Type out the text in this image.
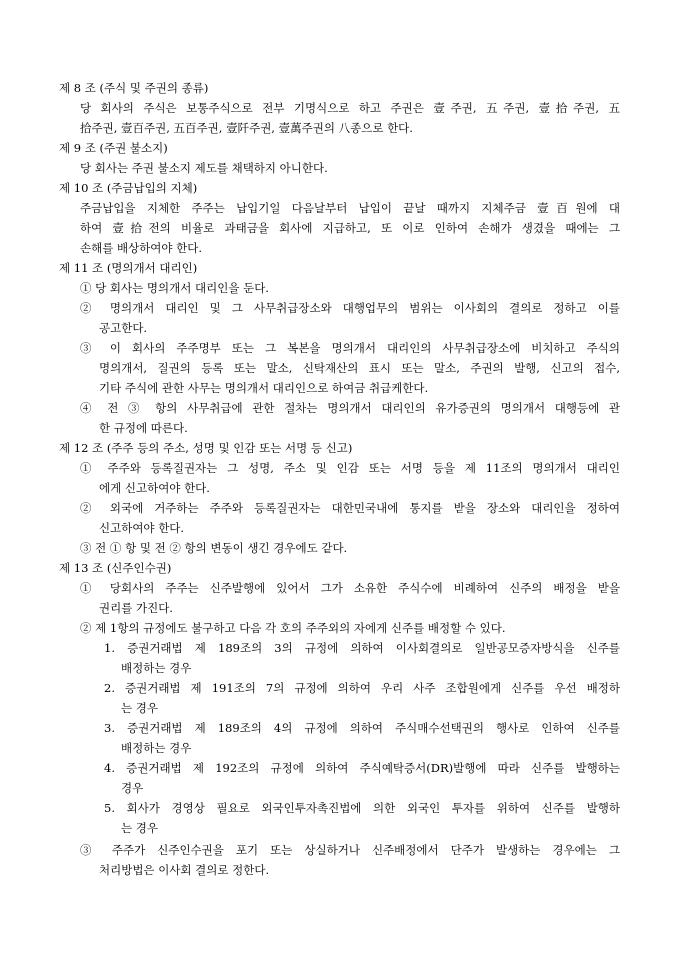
제 8 조 (주식 및 주권의 종류)
당 회사의 주식은 보통주식으로 전부 기명식으로 하고 주권은 壹주권, 五주권, 壹拾주권, 五
拾주권, 壹百주권, 五百주권, 壹阡주권, 壹萬주권의 八종으로 한다.
제 9 조 (주권 불소지)
당 회사는 주권 불소지 제도를 채택하지 아니한다.
제 10 조 (주금납입의 지체)
주금납입을 지체한 주주는 납입기일 다음날부터 납입이 끝날 때까지 지체주금 壹百원에 대
하여 壹拾전의 비율로 과태금을 회사에 지급하고, 또 이로 인하여 손해가 생겼을 때에는 그
손해를 배상하여야 한다.
제 11 조 (명의개서 대리인)
① 당 회사는 명의개서 대리인을 둔다.
② 명의개서 대리인 및 그 사무취급장소와 대행업무의 범위는 이사회의 결의로 정하고 이를
공고한다.
③ 이 회사의 주주명부 또는 그 복본을 명의개서 대리인의 사무취급장소에 비치하고 주식의
명의개서, 질권의 등록 또는 말소, 신탁재산의 표시 또는 말소, 주권의 발행, 신고의 접수,
기타 주식에 관한 사무는 명의개서 대리인으로 하여금 취급케한다.
④ 전 ③ 항의 사무취급에 관한 절차는 명의개서 대리인의 유가증권의 명의개서 대행등에 관
한 규정에 따른다.
제 12 조 (주주 등의 주소, 성명 및 인감 또는 서명 등 신고)
① 주주와 등록질권자는 그 성명, 주소 및 인감 또는 서명 등을 제 11조의 명의개서 대리인
에게 신고하여야 한다.
② 외국에 거주하는 주주와 등록질권자는 대한민국내에 통지를 받을 장소와 대리인을 정하여
신고하여야 한다.
③ 전 ① 항 및 전 ② 항의 변동이 생긴 경우에도 같다.
제 13 조 (신주인수권)
① 당회사의 주주는 신주발행에 있어서 그가 소유한 주식수에 비례하여 신주의 배정을 받을
권리를 가진다.
② 제 1항의 규정에도 불구하고 다음 각 호의 주주외의 자에게 신주를 배정할 수 있다.
1. 증권거래법 제 189조의 3의 규정에 의하여 이사회결의로 일반공모증자방식을 신주를
배정하는 경우
2. 증권거래법 제 191조의 7의 규정에 의하여 우리 사주 조합원에게 신주를 우선 배정하
는 경우
3. 증권거래법 제 189조의 4의 규정에 의하여 주식매수선택권의 행사로 인하여 신주를
배정하는 경우
4. 증권거래법 제 192조의 규정에 의하여 주식예탁증서(DR)발행에 따라 신주를 발행하는
경우
5. 회사가 경영상 필요로 외국인투자촉진법에 의한 외국인 투자를 위하여 신주를 발행하
는 경우
③ 주주가 신주인수권을 포기 또는 상실하거나 신주배정에서 단주가 발생하는 경우에는 그
처리방법은 이사회 결의로 정한다.
